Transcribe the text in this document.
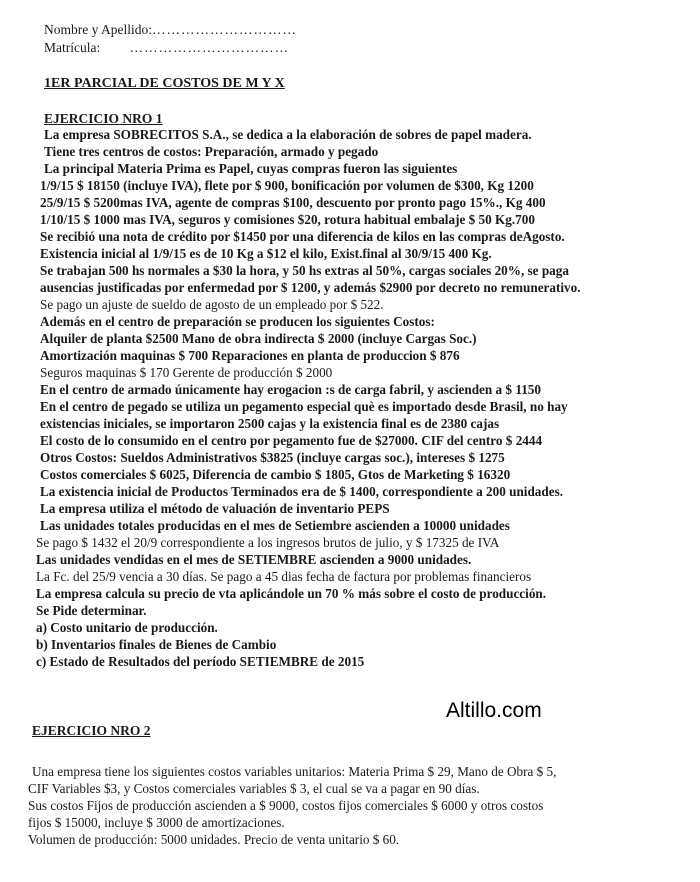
Nombre y Apellido:…………………………
Matrícula: ……………………………
1ER PARCIAL DE COSTOS DE M Y X
EJERCICIO NRO 1
La empresa SOBRECITOS S.A., se dedica a la elaboración de sobres de papel madera.
Tiene tres centros de costos: Preparación, armado y pegado
La principal Materia Prima es Papel, cuyas compras fueron las siguientes
1/9/15 $ 18150 (incluye IVA), flete por $ 900, bonificación por volumen de $300, Kg 1200
25/9/15 $ 5200mas IVA, agente de compras $100, descuento por pronto pago 15%., Kg 400
1/10/15 $ 1000 mas IVA, seguros y comisiones $20, rotura habitual embalaje $ 50 Kg.700
Se recibió una nota de crédito por $1450 por una diferencia de kilos en las compras deAgosto.
Existencia inicial al 1/9/15 es de 10 Kg a $12 el kilo, Exist.final al 30/9/15 400 Kg.
Se trabajan 500 hs normales a $30 la hora, y 50 hs extras al 50%, cargas sociales 20%, se paga
ausencias justificadas por enfermedad por $ 1200, y además $2900 por decreto no remunerativo.
Se pago un ajuste de sueldo de agosto de un empleado por $ 522.
Además en el centro de preparación se producen los siguientes Costos:
Alquiler de planta $2500 Mano de obra indirecta $ 2000 (incluye Cargas Soc.)
Amortización maquinas $ 700 Reparaciones en planta de produccion $ 876
Seguros maquinas $ 170 Gerente de producción $ 2000
En el centro de armado únicamente hay erogacion :s de carga fabril, y ascienden a $ 1150
En el centro de pegado se utiliza un pegamento especial què es importado desde Brasil, no hay
existencias iniciales, se importaron 2500 cajas y la existencia final es de 2380 cajas
El costo de lo consumido en el centro por pegamento fue de $27000. CIF del centro $ 2444
Otros Costos: Sueldos Administrativos $3825 (incluye cargas soc.), intereses $ 1275
Costos comerciales $ 6025, Diferencia de cambio $ 1805, Gtos de Marketing $ 16320
La existencia inicial de Productos Terminados era de $ 1400, correspondiente a 200 unidades.
La empresa utiliza el método de valuación de inventario PEPS
Las unidades totales producidas en el mes de Setiembre ascienden a 10000 unidades
Se pago $ 1432 el 20/9 correspondiente a los ingresos brutos de julio, y $ 17325 de IVA
Las unidades vendidas en el mes de SETIEMBRE ascienden a 9000 unidades.
La Fc. del 25/9 vencia a 30 días. Se pago a 45 dias fecha de factura por problemas financieros
La empresa calcula su precio de vta aplicándole un 70 % más sobre el costo de producción.
Se Pide determinar.
a) Costo unitario de producción.
b) Inventarios finales de Bienes de Cambio
c) Estado de Resultados del período SETIEMBRE de 2015
Altillo.com
EJERCICIO NRO 2
Una empresa tiene los siguientes costos variables unitarios: Materia Prima $ 29, Mano de Obra $ 5,
CIF Variables $3, y Costos comerciales variables $ 3, el cual se va a pagar en 90 días.
Sus costos Fijos de producción ascienden a $ 9000, costos fijos comerciales $ 6000 y otros costos
fijos $ 15000, incluye $ 3000 de amortizaciones.
Volumen de producción: 5000 unidades. Precio de venta unitario $ 60.
